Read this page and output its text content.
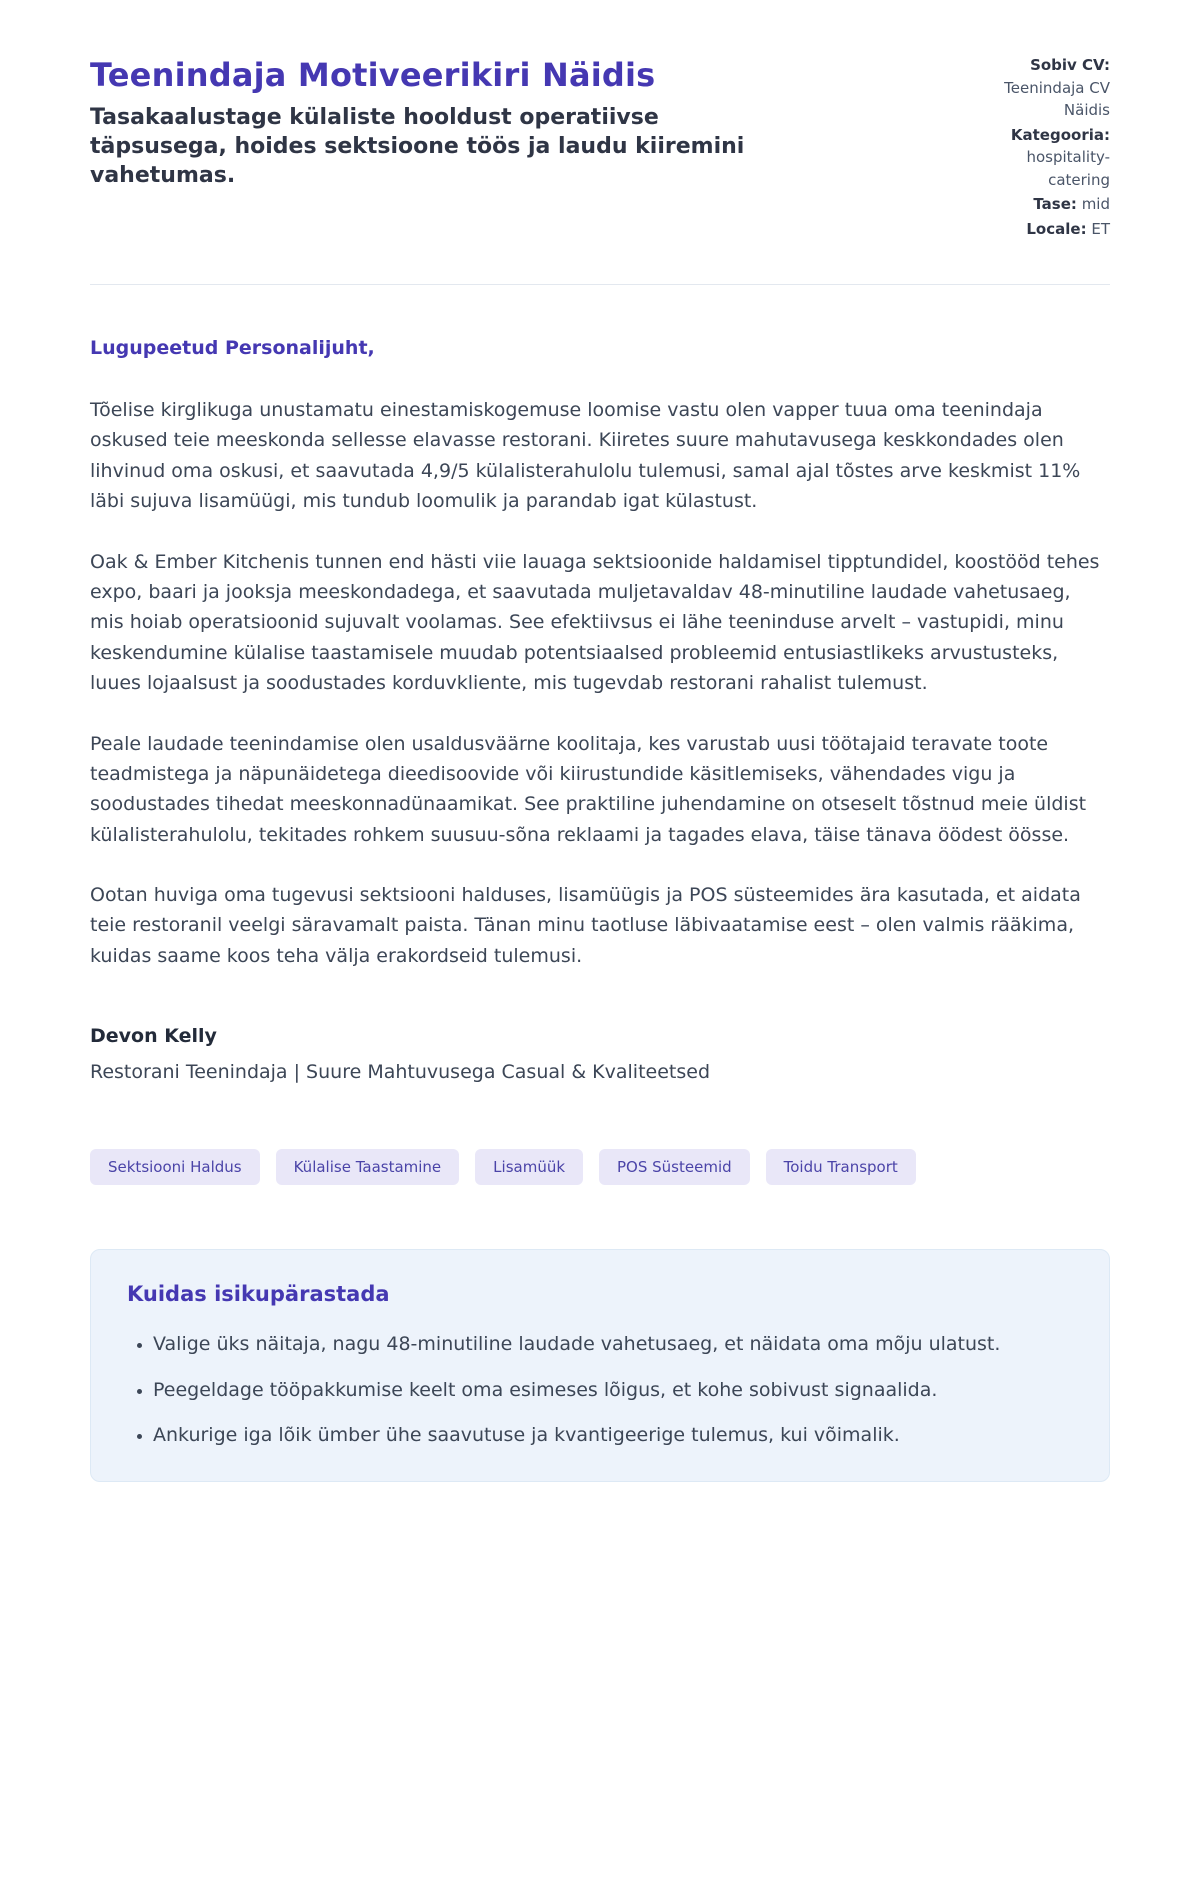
Teenindaja Motiveerikiri Näidis
Tasakaalustage külaliste hooldust operatiivse täpsusega, hoides sektsioone töös ja laudu kiiremini vahetumas.
Sobiv CV: Teenindaja CV Näidis
Kategooria: hospitality-catering
Tase: mid
Locale: ET

Lugupeetud Personalijuht,

Tõelise kirglikuga unustamatu einestamiskogemuse loomise vastu olen vapper tuua oma teenindaja oskused teie meeskonda sellesse elavasse restorani. Kiiretes suure mahutavusega keskkondades olen lihvinud oma oskusi, et saavutada 4,9/5 külalisterahulolu tulemusi, samal ajal tõstes arve keskmist 11% läbi sujuva lisamüügi, mis tundub loomulik ja parandab igat külastust.

Oak & Ember Kitchenis tunnen end hästi viie lauaga sektsioonide haldamisel tipptundidel, koostööd tehes expo, baari ja jooksja meeskondadega, et saavutada muljetavaldav 48-minutiline laudade vahetusaeg, mis hoiab operatsioonid sujuvalt voolamas. See efektiivsus ei lähe teeninduse arvelt – vastupidi, minu keskendumine külalise taastamisele muudab potentsiaalsed probleemid entusiastlikeks arvustusteks, luues lojaalsust ja soodustades korduvkliente, mis tugevdab restorani rahalist tulemust.

Peale laudade teenindamise olen usaldusväärne koolitaja, kes varustab uusi töötajaid teravate toote teadmistega ja näpunäidetega dieedisoovide või kiirustundide käsitlemiseks, vähendades vigu ja soodustades tihedat meeskonnadünaamikat. See praktiline juhendamine on otseselt tõstnud meie üldist külalisterahulolu, tekitades rohkem suusuu-sõna reklaami ja tagades elava, täise tänava öödest öösse.

Ootan huviga oma tugevusi sektsiooni halduses, lisamüügis ja POS süsteemides ära kasutada, et aidata teie restoranil veelgi säravamalt paista. Tänan minu taotluse läbivaatamise eest – olen valmis rääkima, kuidas saame koos teha välja erakordseid tulemusi.

Devon Kelly

Restorani Teenindaja | Suure Mahtuvusega Casual & Kvaliteetsed

Sektsiooni Haldus	Külalise Taastamine	Lisamüük	POS Süsteemid	Toidu Transport
Kuidas isikupärastada
• Valige üks näitaja, nagu 48-minutiline laudade vahetusaeg, et näidata oma mõju ulatust.
• Peegeldage tööpakkumise keelt oma esimeses lõigus, et kohe sobivust signaalida.
• Ankurige iga lõik ümber ühe saavutuse ja kvantigeerige tulemus, kui võimalik.
